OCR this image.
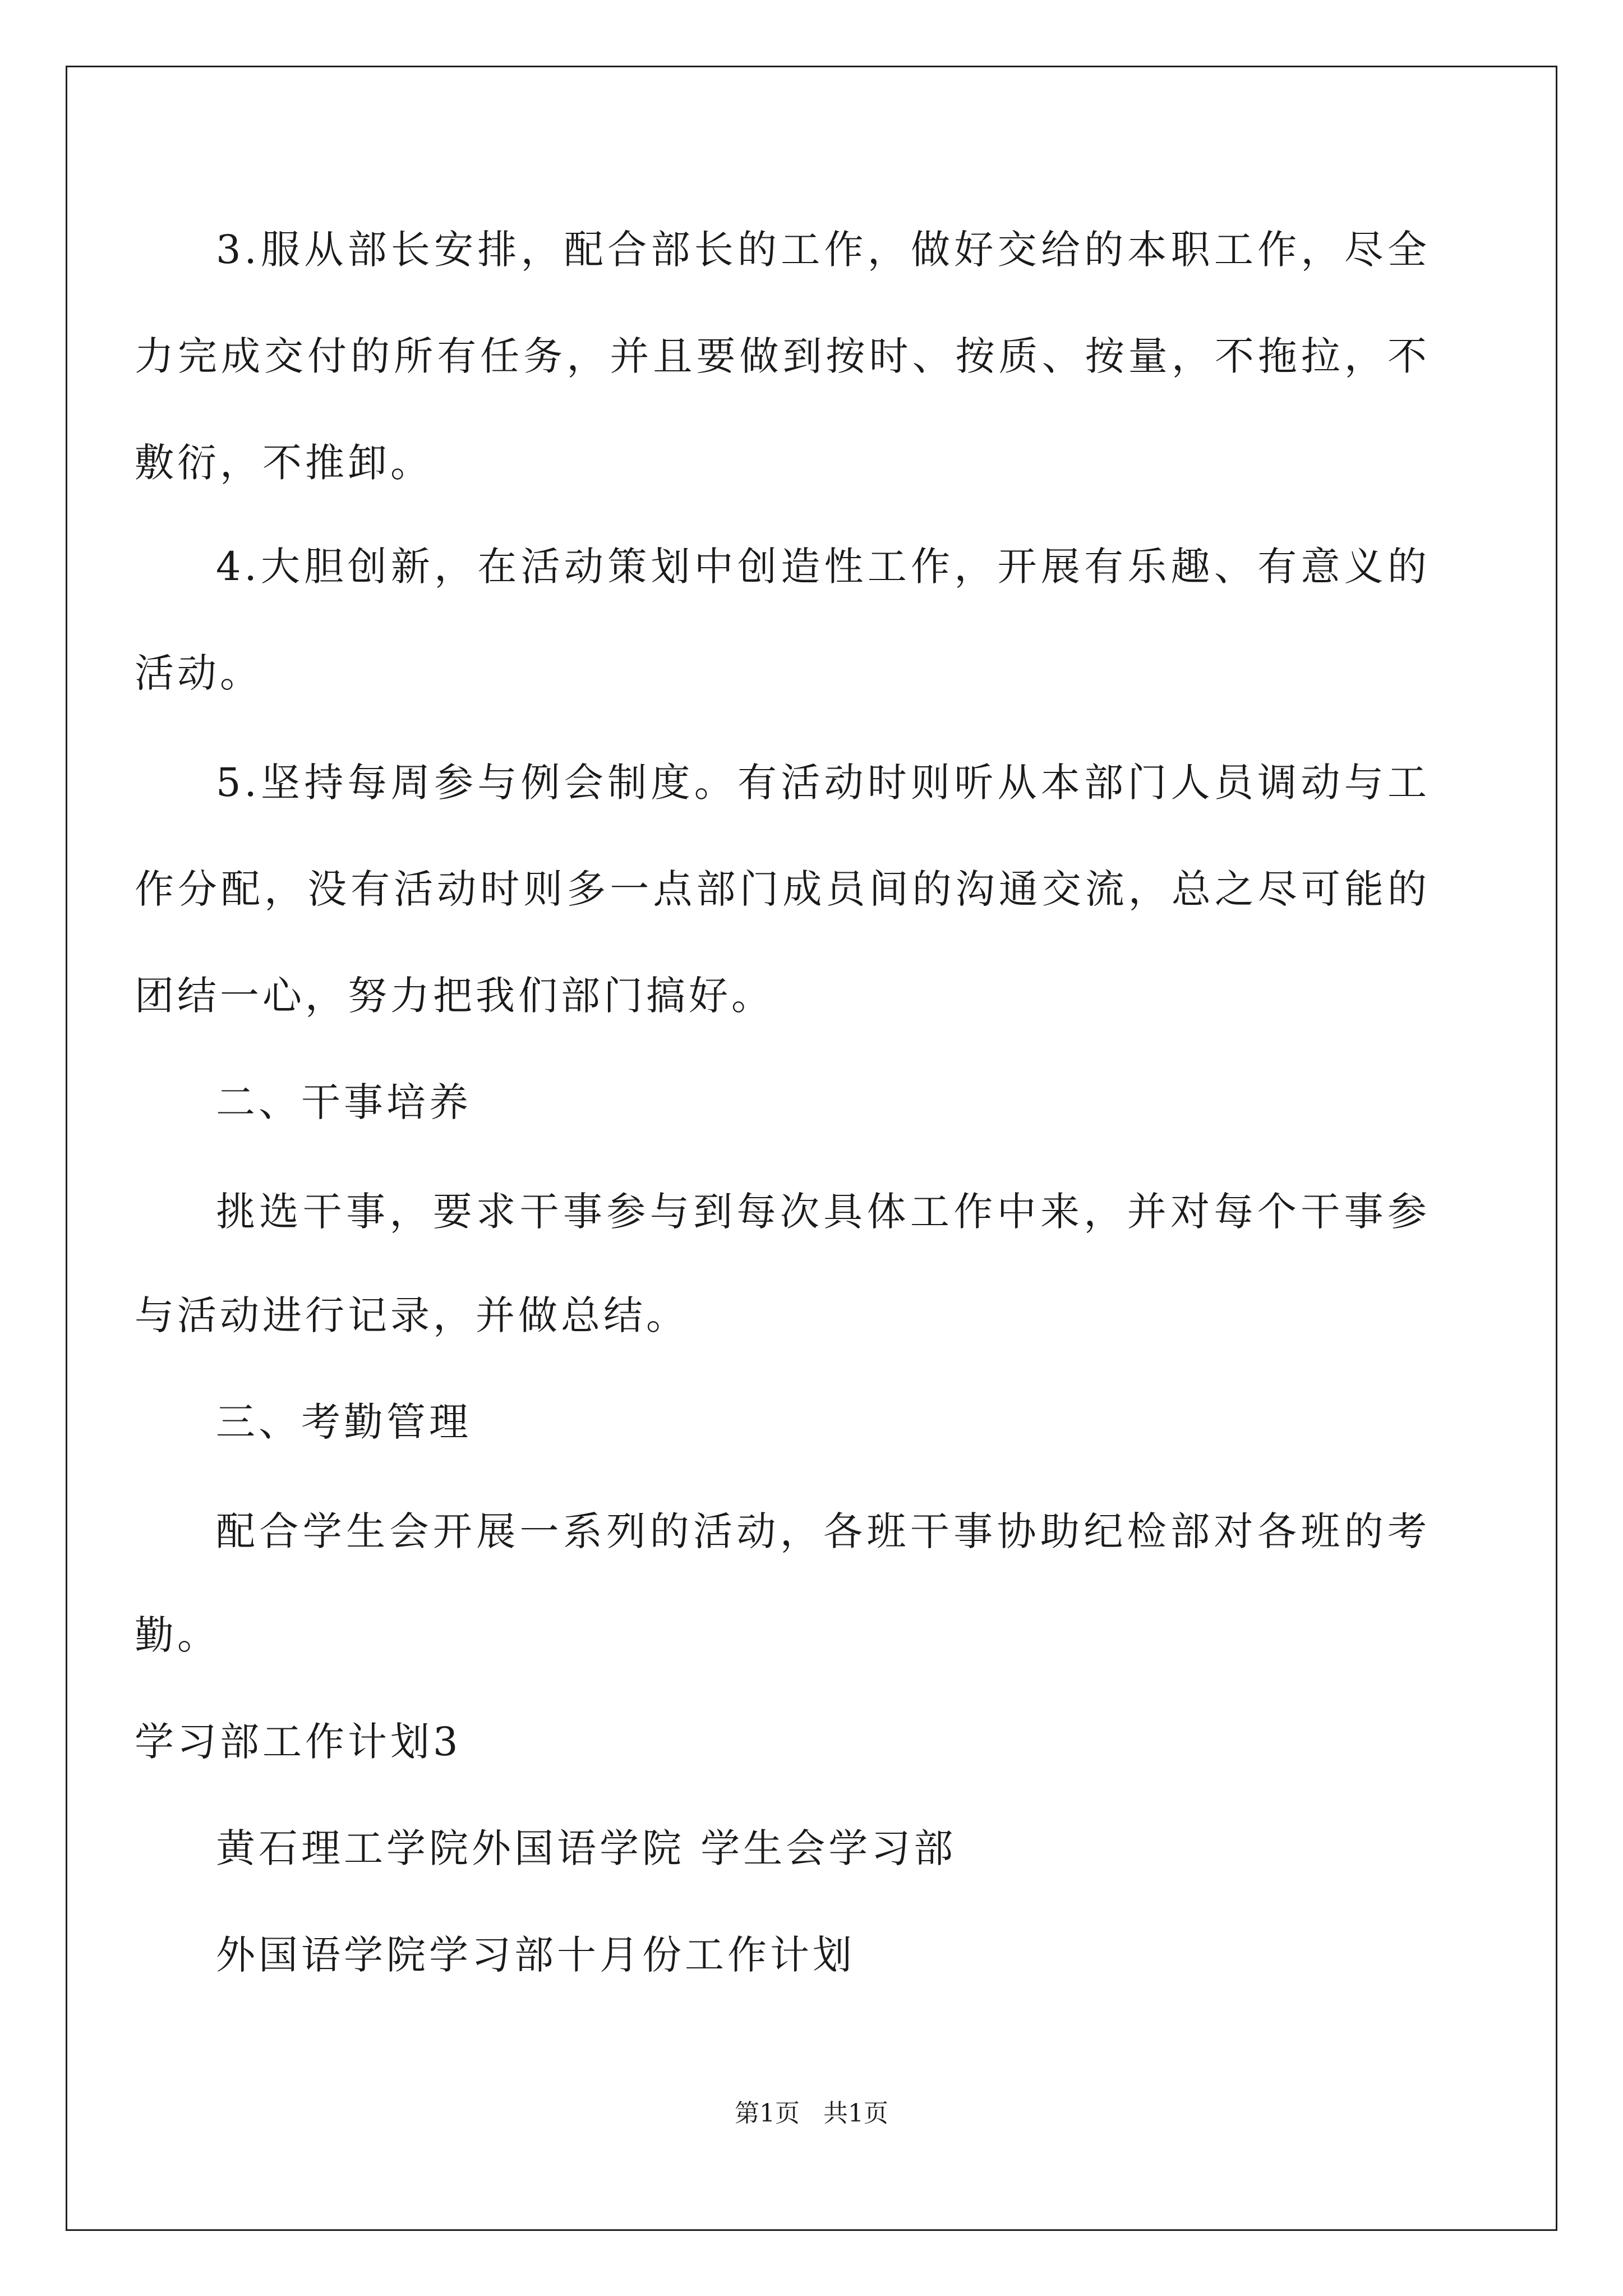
3.服从部长安排，配合部长的工作，做好交给的本职工作，尽全
力完成交付的所有任务，并且要做到按时、按质、按量，不拖拉，不
敷衍，不推卸。
4.大胆创新，在活动策划中创造性工作，开展有乐趣、有意义的
活动。
5.坚持每周参与例会制度。有活动时则听从本部门人员调动与工
作分配，没有活动时则多一点部门成员间的沟通交流，总之尽可能的
团结一心，努力把我们部门搞好。
二、干事培养
挑选干事，要求干事参与到每次具体工作中来，并对每个干事参
与活动进行记录，并做总结。
三、考勤管理
配合学生会开展一系列的活动，各班干事协助纪检部对各班的考
勤。
学习部工作计划3
黄石理工学院外国语学院 学生会学习部
外国语学院学习部十月份工作计划
第1页   共1页
